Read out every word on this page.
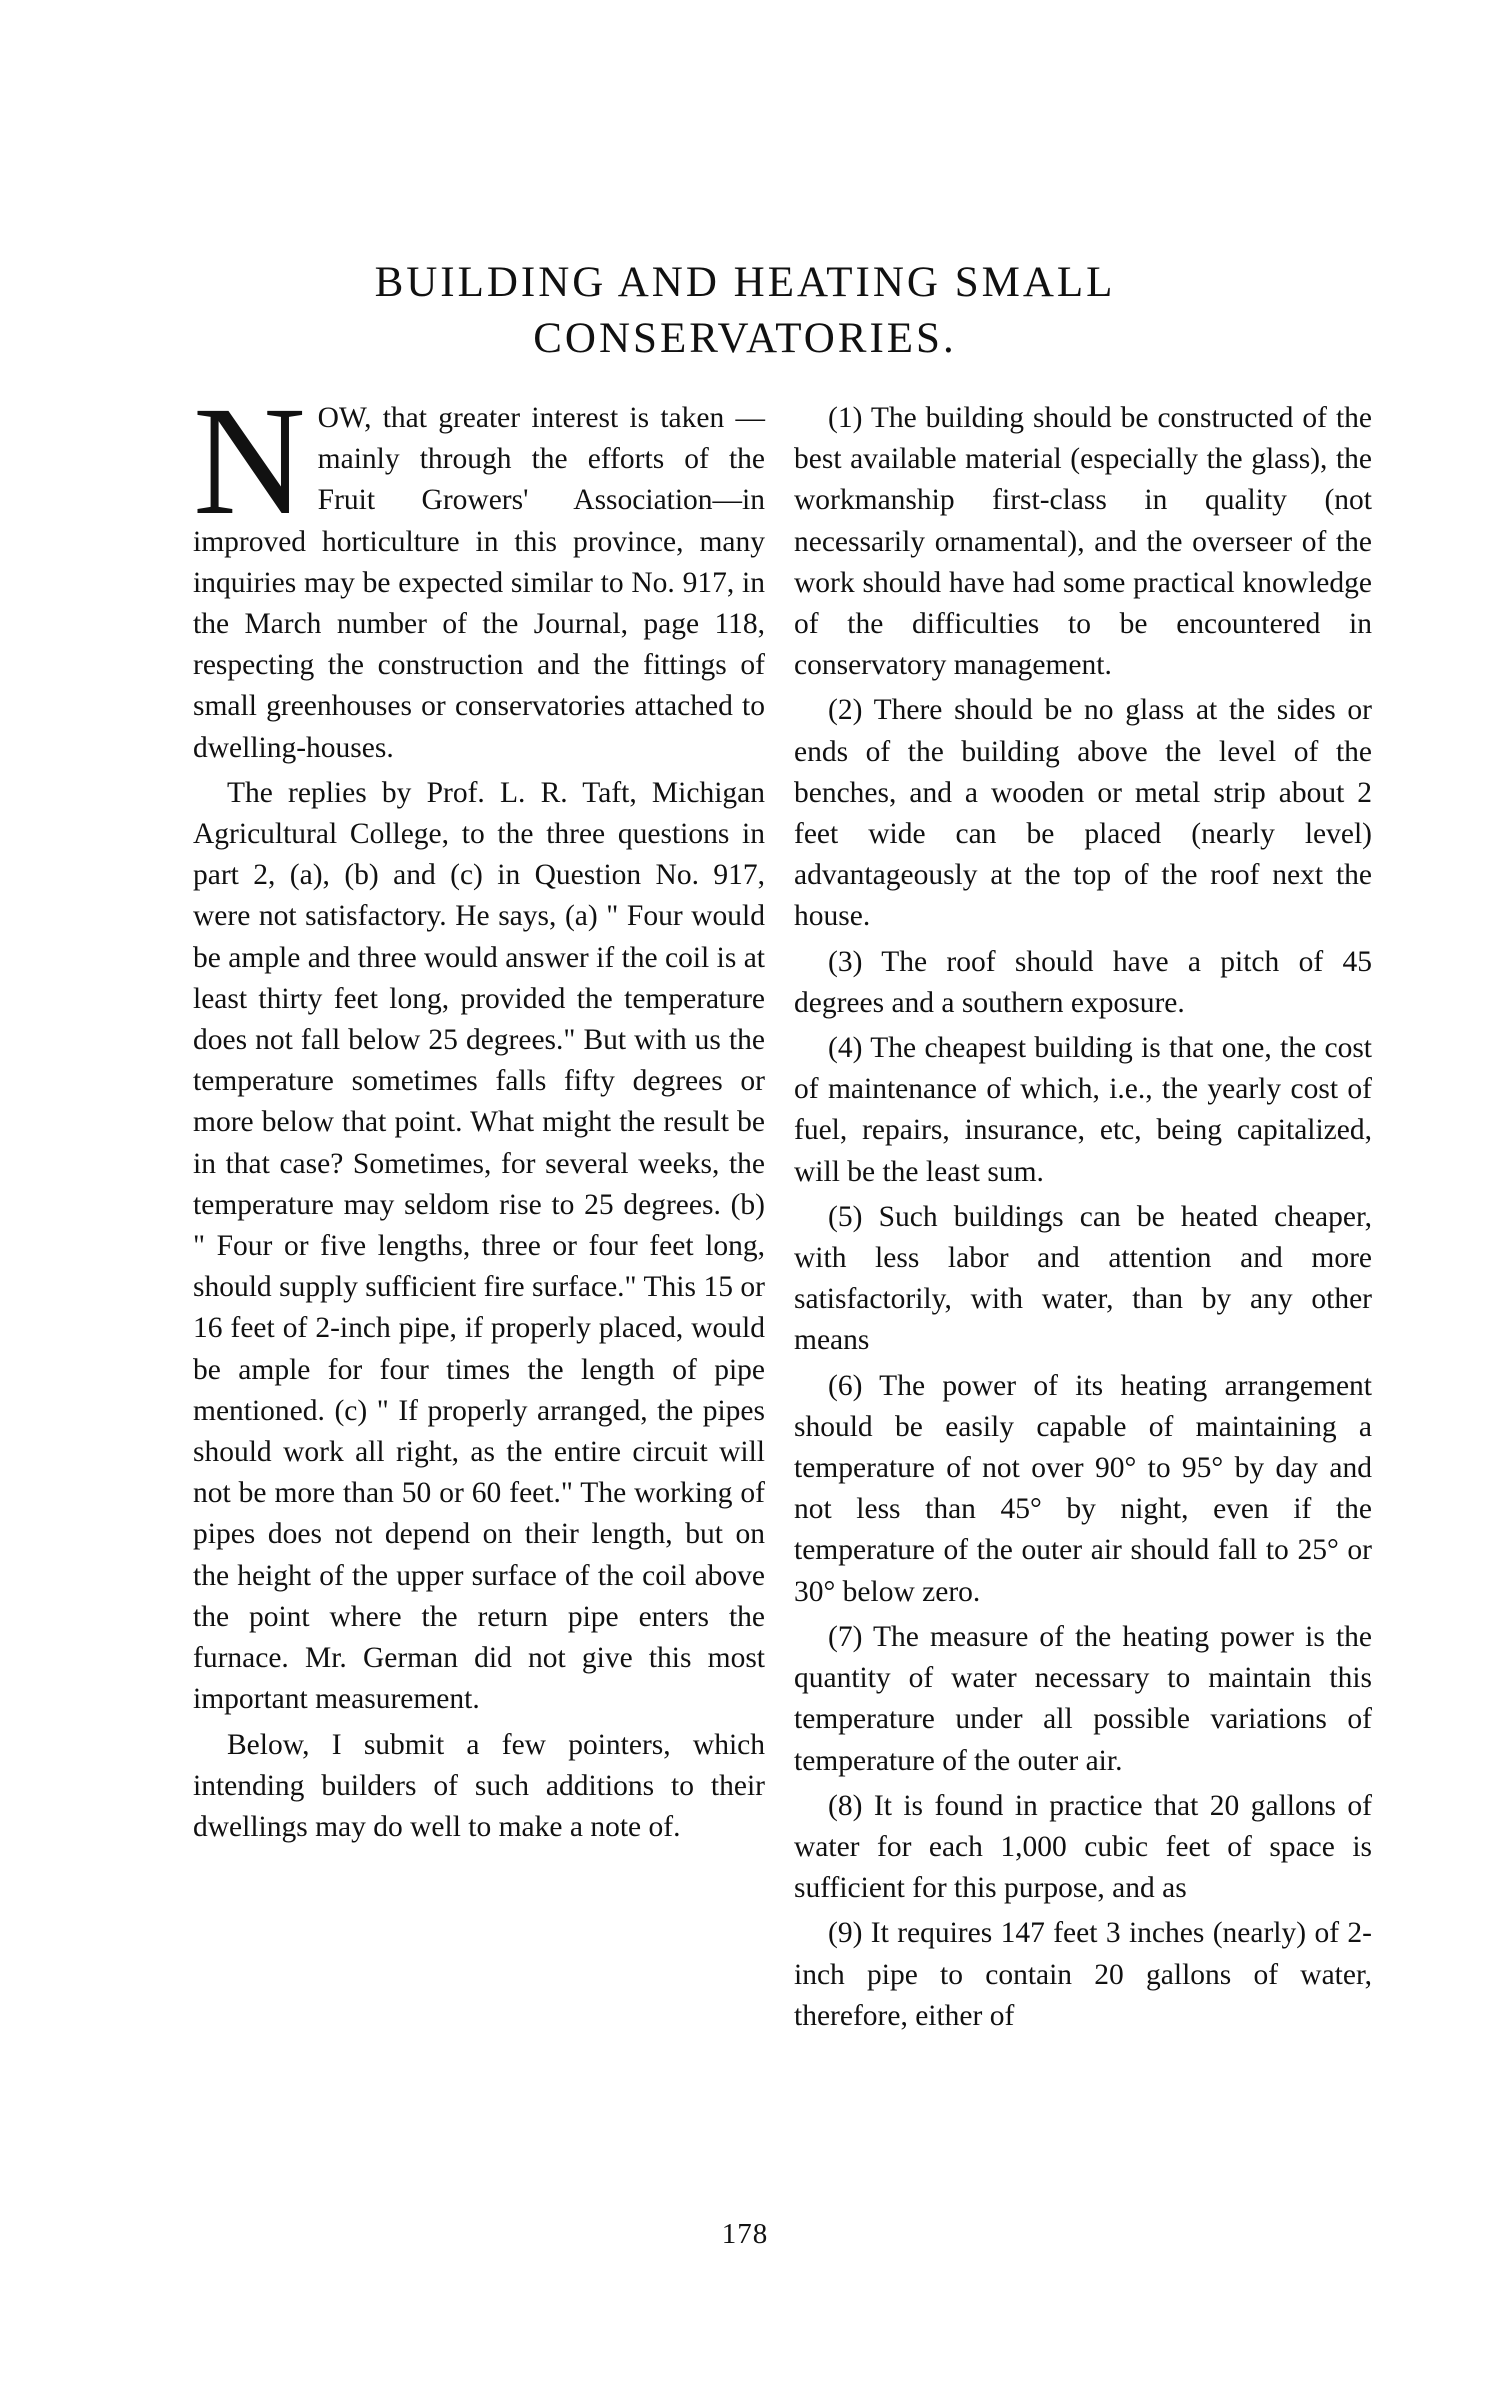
BUILDING AND HEATING SMALL CONSERVATORIES.

NOW, that greater interest is taken — mainly through the efforts of the Fruit Growers' Association—in improved horticulture in this province, many inquiries may be expected similar to No. 917, in the March number of the Journal, page 118, respecting the construction and the fittings of small greenhouses or conservatories attached to dwelling-houses.

The replies by Prof. L. R. Taft, Michigan Agricultural College, to the three questions in part 2, (a), (b) and (c) in Question No. 917, were not satisfactory. He says, (a) " Four would be ample and three would answer if the coil is at least thirty feet long, provided the temperature does not fall below 25 degrees." But with us the temperature sometimes falls fifty degrees or more below that point. What might the result be in that case? Sometimes, for several weeks, the temperature may seldom rise to 25 degrees. (b) " Four or five lengths, three or four feet long, should supply sufficient fire surface." This 15 or 16 feet of 2-inch pipe, if properly placed, would be ample for four times the length of pipe mentioned. (c) " If properly arranged, the pipes should work all right, as the entire circuit will not be more than 50 or 60 feet." The working of pipes does not depend on their length, but on the height of the upper surface of the coil above the point where the return pipe enters the furnace. Mr. German did not give this most important measurement.

Below, I submit a few pointers, which intending builders of such additions to their dwellings may do well to make a note of.

(1) The building should be constructed of the best available material (especially the glass), the workmanship first-class in quality (not necessarily ornamental), and the overseer of the work should have had some practical knowledge of the difficulties to be encountered in conservatory management.

(2) There should be no glass at the sides or ends of the building above the level of the benches, and a wooden or metal strip about 2 feet wide can be placed (nearly level) advantageously at the top of the roof next the house.

(3) The roof should have a pitch of 45 degrees and a southern exposure.

(4) The cheapest building is that one, the cost of maintenance of which, i.e., the yearly cost of fuel, repairs, insurance, etc, being capitalized, will be the least sum.

(5) Such buildings can be heated cheaper, with less labor and attention and more satisfactorily, with water, than by any other means

(6) The power of its heating arrangement should be easily capable of maintaining a temperature of not over 90° to 95° by day and not less than 45° by night, even if the temperature of the outer air should fall to 25° or 30° below zero.

(7) The measure of the heating power is the quantity of water necessary to maintain this temperature under all possible variations of temperature of the outer air.

(8) It is found in practice that 20 gallons of water for each 1,000 cubic feet of space is sufficient for this purpose, and as

(9) It requires 147 feet 3 inches (nearly) of 2-inch pipe to contain 20 gallons of water, therefore, either of

178
